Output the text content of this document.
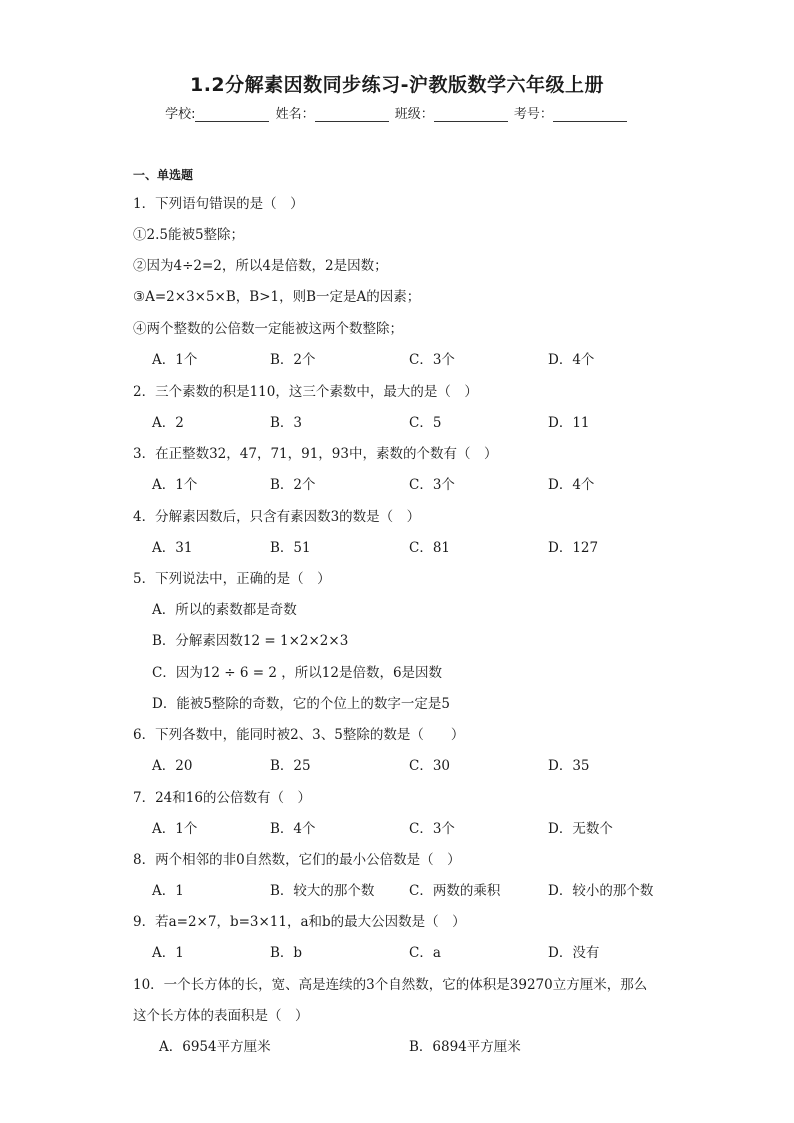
1.2分解素因数同步练习-沪教版数学六年级上册
学校:	姓名：	班级：	考号：
一、单选题
1．下列语句错误的是（　）
①2.5能被5整除；
②因为4÷2=2，所以4是倍数，2是因数；
③A=2×3×5×B，B>1，则B一定是A的因素；
④两个整数的公倍数一定能被这两个数整除；
A．1个	B．2个	C．3个	D．4个
2．三个素数的积是110，这三个素数中，最大的是（　）
A．2	B．3	C．5	D．11
3．在正整数32，47，71，91，93中，素数的个数有（　）
A．1个	B．2个	C．3个	D．4个
4．分解素因数后，只含有素因数3的数是（　）
A．31	B．51	C．81	D．127
5．下列说法中，正确的是（　）
A．所以的素数都是奇数
B．分解素因数12 = 1×2×2×3
C．因为12 ÷ 6 = 2 ，所以12是倍数，6是因数
D．能被5整除的奇数，它的个位上的数字一定是5
6．下列各数中，能同时被2、3、5整除的数是（　　）
A．20	B．25	C．30	D．35
7．24和16的公倍数有（　）
A．1个	B．4个	C．3个	D．无数个
8．两个相邻的非0自然数，它们的最小公倍数是（　）
A．1	B．较大的那个数	C．两数的乘积	D．较小的那个数
9．若a=2×7，b=3×11，a和b的最大公因数是（　）
A．1	B．b	C．a	D．没有
10．一个长方体的长，宽、高是连续的3个自然数，它的体积是39270立方厘米，那么
这个长方体的表面积是（　）
A．6954平方厘米	B．6894平方厘米
